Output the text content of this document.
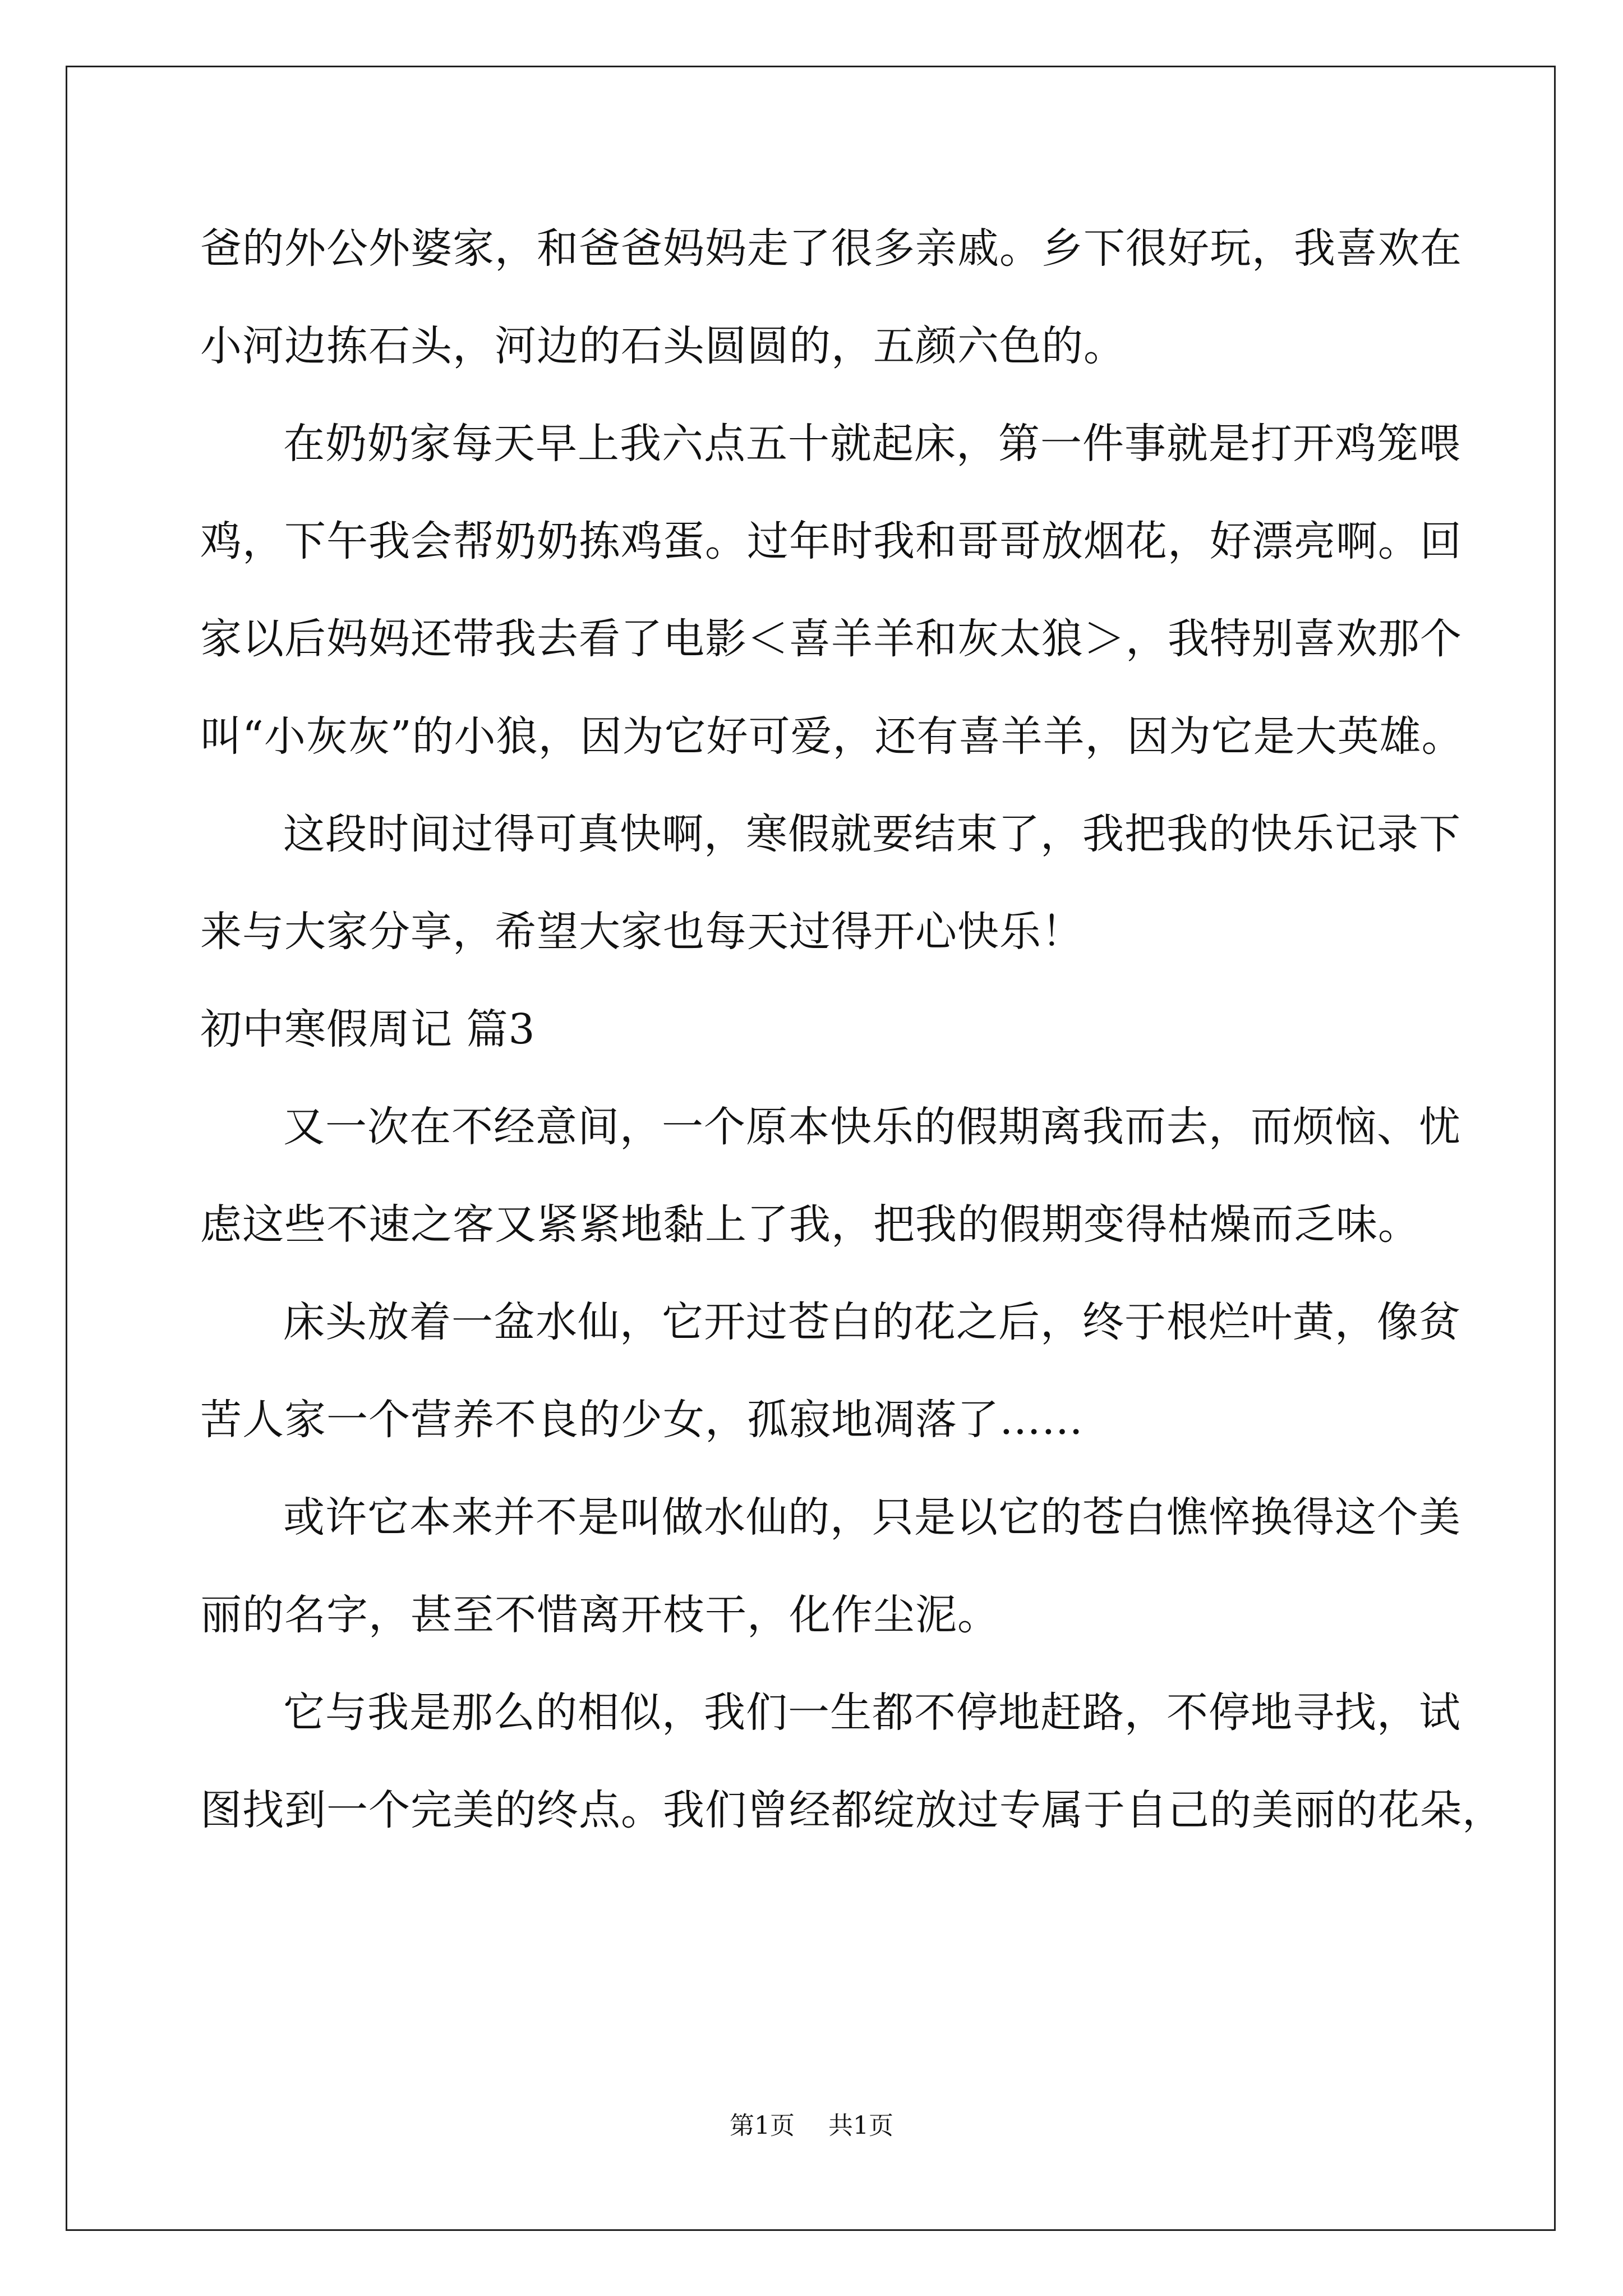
爸的外公外婆家，和爸爸妈妈走了很多亲戚。乡下很好玩，我喜欢在
小河边拣石头，河边的石头圆圆的，五颜六色的。
在奶奶家每天早上我六点五十就起床，第一件事就是打开鸡笼喂
鸡，下午我会帮奶奶拣鸡蛋。过年时我和哥哥放烟花，好漂亮啊。回
家以后妈妈还带我去看了电影＜喜羊羊和灰太狼＞，我特别喜欢那个
叫“小灰灰”的小狼，因为它好可爱，还有喜羊羊，因为它是大英雄。
这段时间过得可真快啊，寒假就要结束了，我把我的快乐记录下
来与大家分享，希望大家也每天过得开心快乐！
初中寒假周记 篇3
又一次在不经意间，一个原本快乐的假期离我而去，而烦恼、忧
虑这些不速之客又紧紧地黏上了我，把我的假期变得枯燥而乏味。
床头放着一盆水仙，它开过苍白的花之后，终于根烂叶黄，像贫
苦人家一个营养不良的少女，孤寂地凋落了……
或许它本来并不是叫做水仙的，只是以它的苍白憔悴换得这个美
丽的名字，甚至不惜离开枝干，化作尘泥。
它与我是那么的相似，我们一生都不停地赶路，不停地寻找，试
图找到一个完美的终点。我们曾经都绽放过专属于自己的美丽的花朵，
第1页 共1页
